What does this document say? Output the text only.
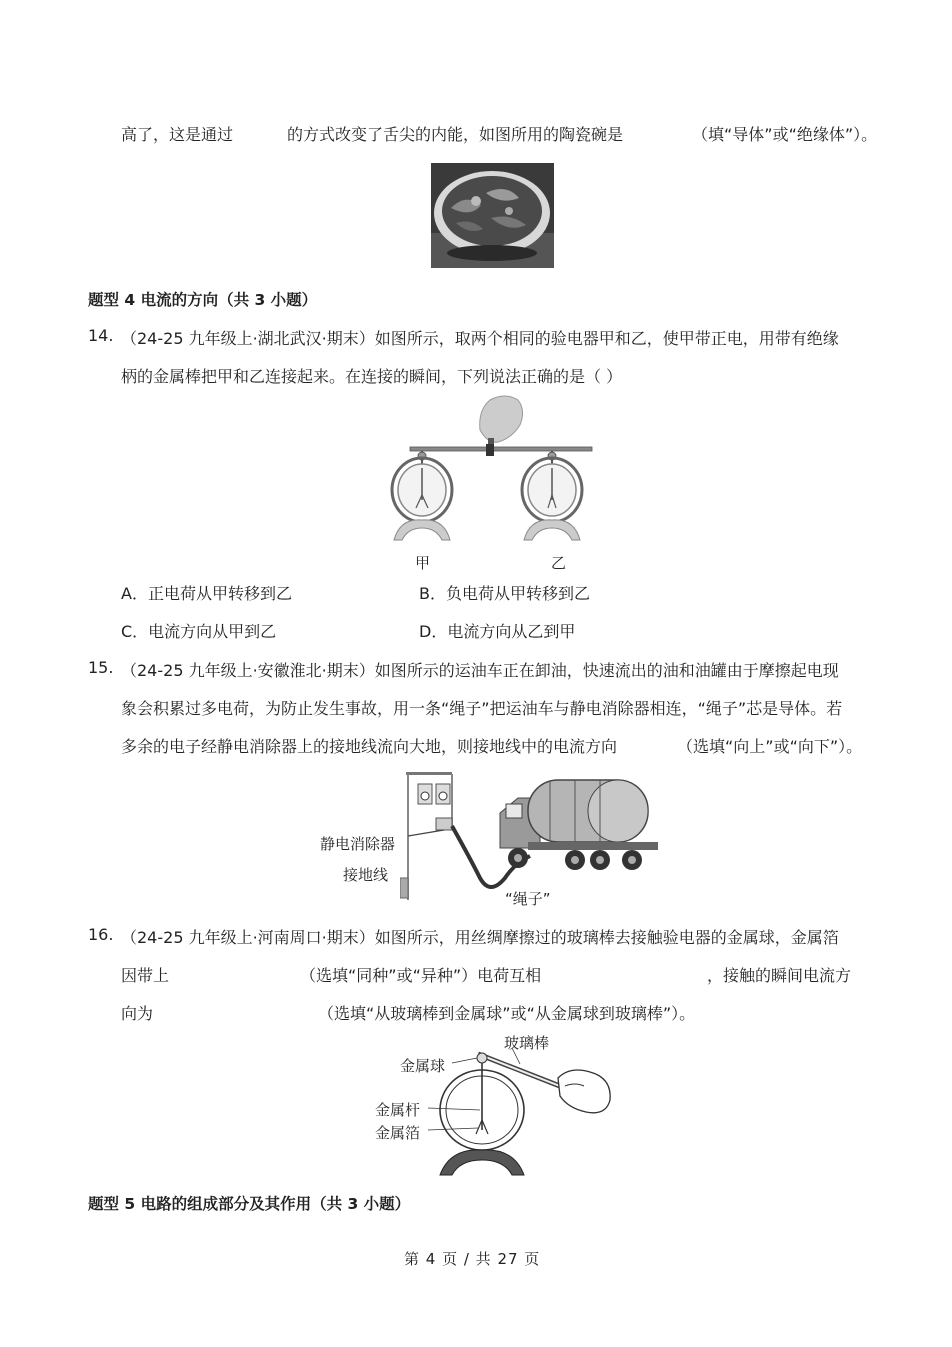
高了，这是通过	的方式改变了舌尖的内能，如图所用的陶瓷碗是	（填“导体”或“绝缘体”）。
题型 4 电流的方向（共 3 小题）
14. （24-25 九年级上·湖北武汉·期末）如图所示，取两个相同的验电器甲和乙，使甲带正电，用带有绝缘
柄的金属棒把甲和乙连接起来。在连接的瞬间，下列说法正确的是（ ）
甲	乙
A．正电荷从甲转移到乙	B．负电荷从甲转移到乙
C．电流方向从甲到乙	D．电流方向从乙到甲
15. （24-25 九年级上·安徽淮北·期末）如图所示的运油车正在卸油，快速流出的油和油罐由于摩擦起电现
象会积累过多电荷，为防止发生事故，用一条“绳子”把运油车与静电消除器相连，“绳子”芯是导体。若
多余的电子经静电消除器上的接地线流向大地，则接地线中的电流方向	（选填“向上”或“向下”）。
静电消除器
接地线
“绳子”
16. （24-25 九年级上·河南周口·期末）如图所示，用丝绸摩擦过的玻璃棒去接触验电器的金属球，金属箔
因带上	（选填“同种”或“异种”）电荷互相	，接触的瞬间电流方
向为	（选填“从玻璃棒到金属球”或“从金属球到玻璃棒”）。
玻璃棒
金属球
金属杆
金属箔
题型 5 电路的组成部分及其作用（共 3 小题）
第 4 页 / 共 27 页
